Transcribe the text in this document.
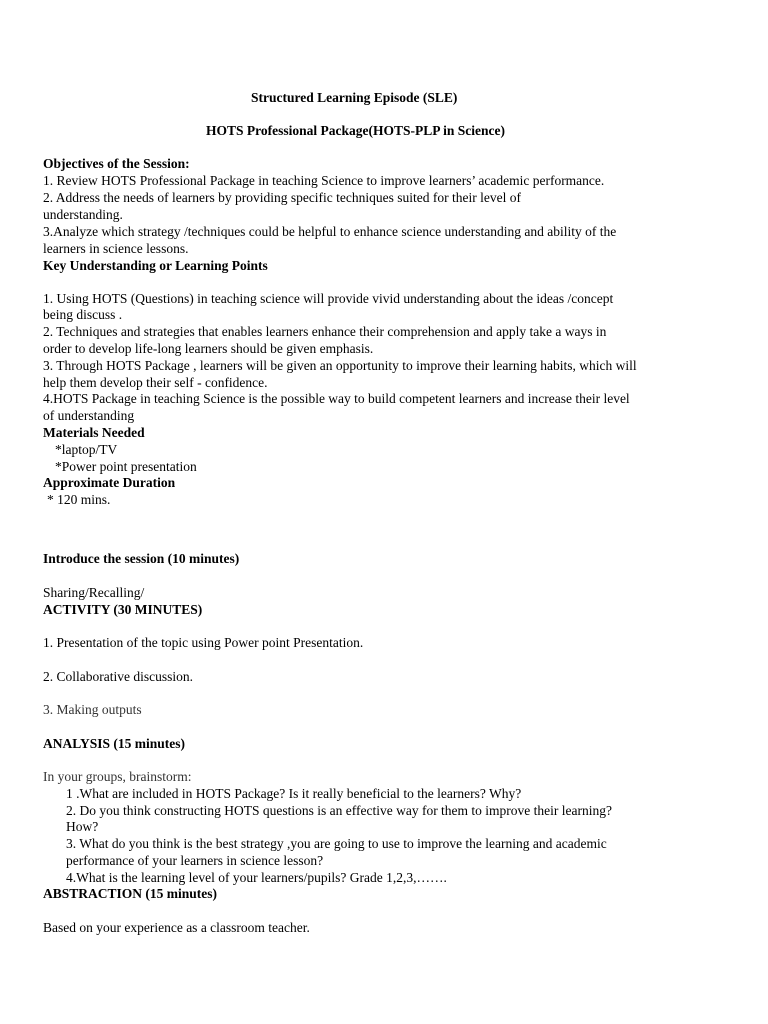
Structured Learning Episode (SLE)
HOTS Professional Package(HOTS-PLP in Science)
Objectives of the Session:
1. Review HOTS Professional Package in teaching Science to improve learners’ academic performance.
2. Address the needs of learners by providing specific techniques suited for their level of
understanding.
3.Analyze which strategy /techniques could be helpful to enhance science understanding and ability of the
learners in science lessons.
Key Understanding or Learning Points
1. Using HOTS (Questions) in teaching science will provide vivid understanding about the ideas /concept
being discuss .
2. Techniques and strategies that enables learners enhance their comprehension and apply take a ways in
order to develop life-long learners should be given emphasis.
3. Through HOTS Package , learners will be given an opportunity to improve their learning habits, which will
help them develop their self - confidence.
4.HOTS Package in teaching Science is the possible way to build competent learners and increase their level
of understanding
Materials Needed
*laptop/TV
*Power point presentation
Approximate Duration
* 120 mins.
Introduce the session (10 minutes)
Sharing/Recalling/
ACTIVITY (30 MINUTES)
1. Presentation of the topic using Power point Presentation.
2. Collaborative discussion.
3. Making outputs
ANALYSIS (15 minutes)
In your groups, brainstorm:
1 .What are included in HOTS Package? Is it really beneficial to the learners? Why?
2. Do you think constructing HOTS questions is an effective way for them to improve their learning?
How?
3. What do you think is the best strategy ,you are going to use to improve the learning and academic
performance of your learners in science lesson?
4.What is the learning level of your learners/pupils? Grade 1,2,3,…….
ABSTRACTION (15 minutes)
Based on your experience as a classroom teacher.
